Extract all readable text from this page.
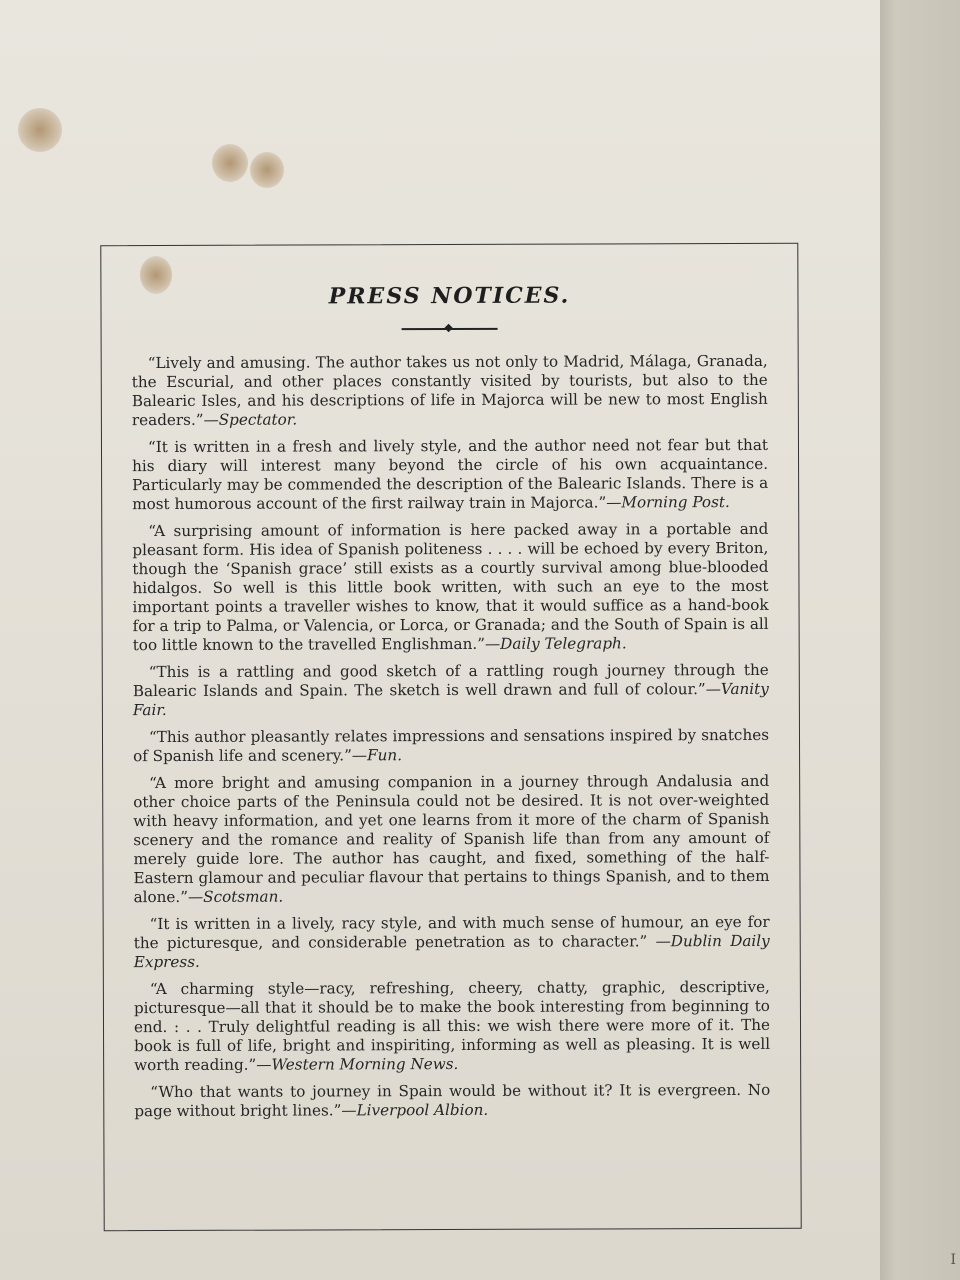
PRESS NOTICES.

“Lively and amusing. The author takes us not only to Madrid, Málaga, Granada, the Escurial, and other places constantly visited by tourists, but also to the Balearic Isles, and his descriptions of life in Majorca will be new to most English readers.”—Spectator.

“It is written in a fresh and lively style, and the author need not fear but that his diary will interest many beyond the circle of his own acquaintance. Particularly may be commended the description of the Balearic Islands. There is a most humorous account of the first railway train in Majorca.”—Morning Post.

“A surprising amount of information is here packed away in a portable and pleasant form. His idea of Spanish politeness . . . . will be echoed by every Briton, though the ‘Spanish grace’ still exists as a courtly survival among blue-blooded hidalgos. So well is this little book written, with such an eye to the most important points a traveller wishes to know, that it would suffice as a hand-book for a trip to Palma, or Valencia, or Lorca, or Granada; and the South of Spain is all too little known to the travelled Englishman.”—Daily Telegraph.

“This is a rattling and good sketch of a rattling rough journey through the Balearic Islands and Spain. The sketch is well drawn and full of colour.”—Vanity Fair.

“This author pleasantly relates impressions and sensations inspired by snatches of Spanish life and scenery.”—Fun.

“A more bright and amusing companion in a journey through Andalusia and other choice parts of the Peninsula could not be desired. It is not over-weighted with heavy information, and yet one learns from it more of the charm of Spanish scenery and the romance and reality of Spanish life than from any amount of merely guide lore. The author has caught, and fixed, something of the half-Eastern glamour and peculiar flavour that pertains to things Spanish, and to them alone.”—Scotsman.

“It is written in a lively, racy style, and with much sense of humour, an eye for the picturesque, and considerable penetration as to character.” —Dublin Daily Express.

“A charming style—racy, refreshing, cheery, chatty, graphic, descriptive, picturesque—all that it should be to make the book interesting from beginning to end. : . . Truly delightful reading is all this: we wish there were more of it. The book is full of life, bright and inspiriting, informing as well as pleasing. It is well worth reading.”—Western Morning News.

“Who that wants to journey in Spain would be without it? It is evergreen. No page without bright lines.”—Liverpool Albion.

I
